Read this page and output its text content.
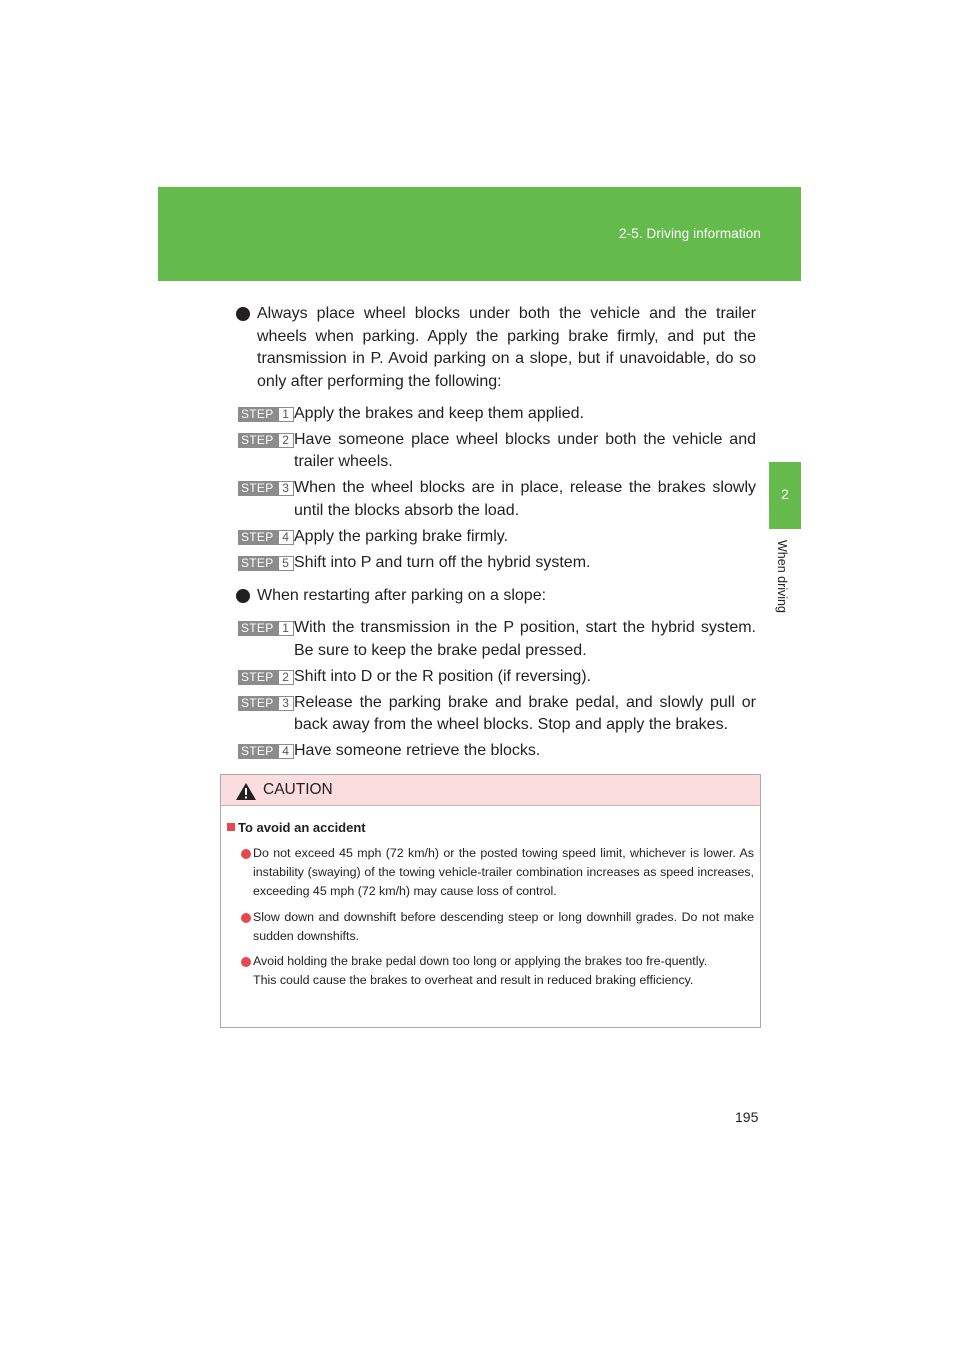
2-5. Driving information
2
When driving
Always place wheel blocks under both the vehicle and the trailer wheels when parking. Apply the parking brake firmly, and put the transmission in P. Avoid parking on a slope, but if unavoidable, do so only after performing the following:
STEP 1 Apply the brakes and keep them applied.
STEP 2 Have someone place wheel blocks under both the vehicle and trailer wheels.
STEP 3 When the wheel blocks are in place, release the brakes slowly until the blocks absorb the load.
STEP 4 Apply the parking brake firmly.
STEP 5 Shift into P and turn off the hybrid system.
When restarting after parking on a slope:
STEP 1 With the transmission in the P position, start the hybrid system. Be sure to keep the brake pedal pressed.
STEP 2 Shift into D or the R position (if reversing).
STEP 3 Release the parking brake and brake pedal, and slowly pull or back away from the wheel blocks. Stop and apply the brakes.
STEP 4 Have someone retrieve the blocks.
CAUTION
To avoid an accident
Do not exceed 45 mph (72 km/h) or the posted towing speed limit, whichever is lower. As instability (swaying) of the towing vehicle-trailer combination increases as speed increases, exceeding 45 mph (72 km/h) may cause loss of control.
Slow down and downshift before descending steep or long downhill grades. Do not make sudden downshifts.
Avoid holding the brake pedal down too long or applying the brakes too fre-quently.
This could cause the brakes to overheat and result in reduced braking efficiency.
195
